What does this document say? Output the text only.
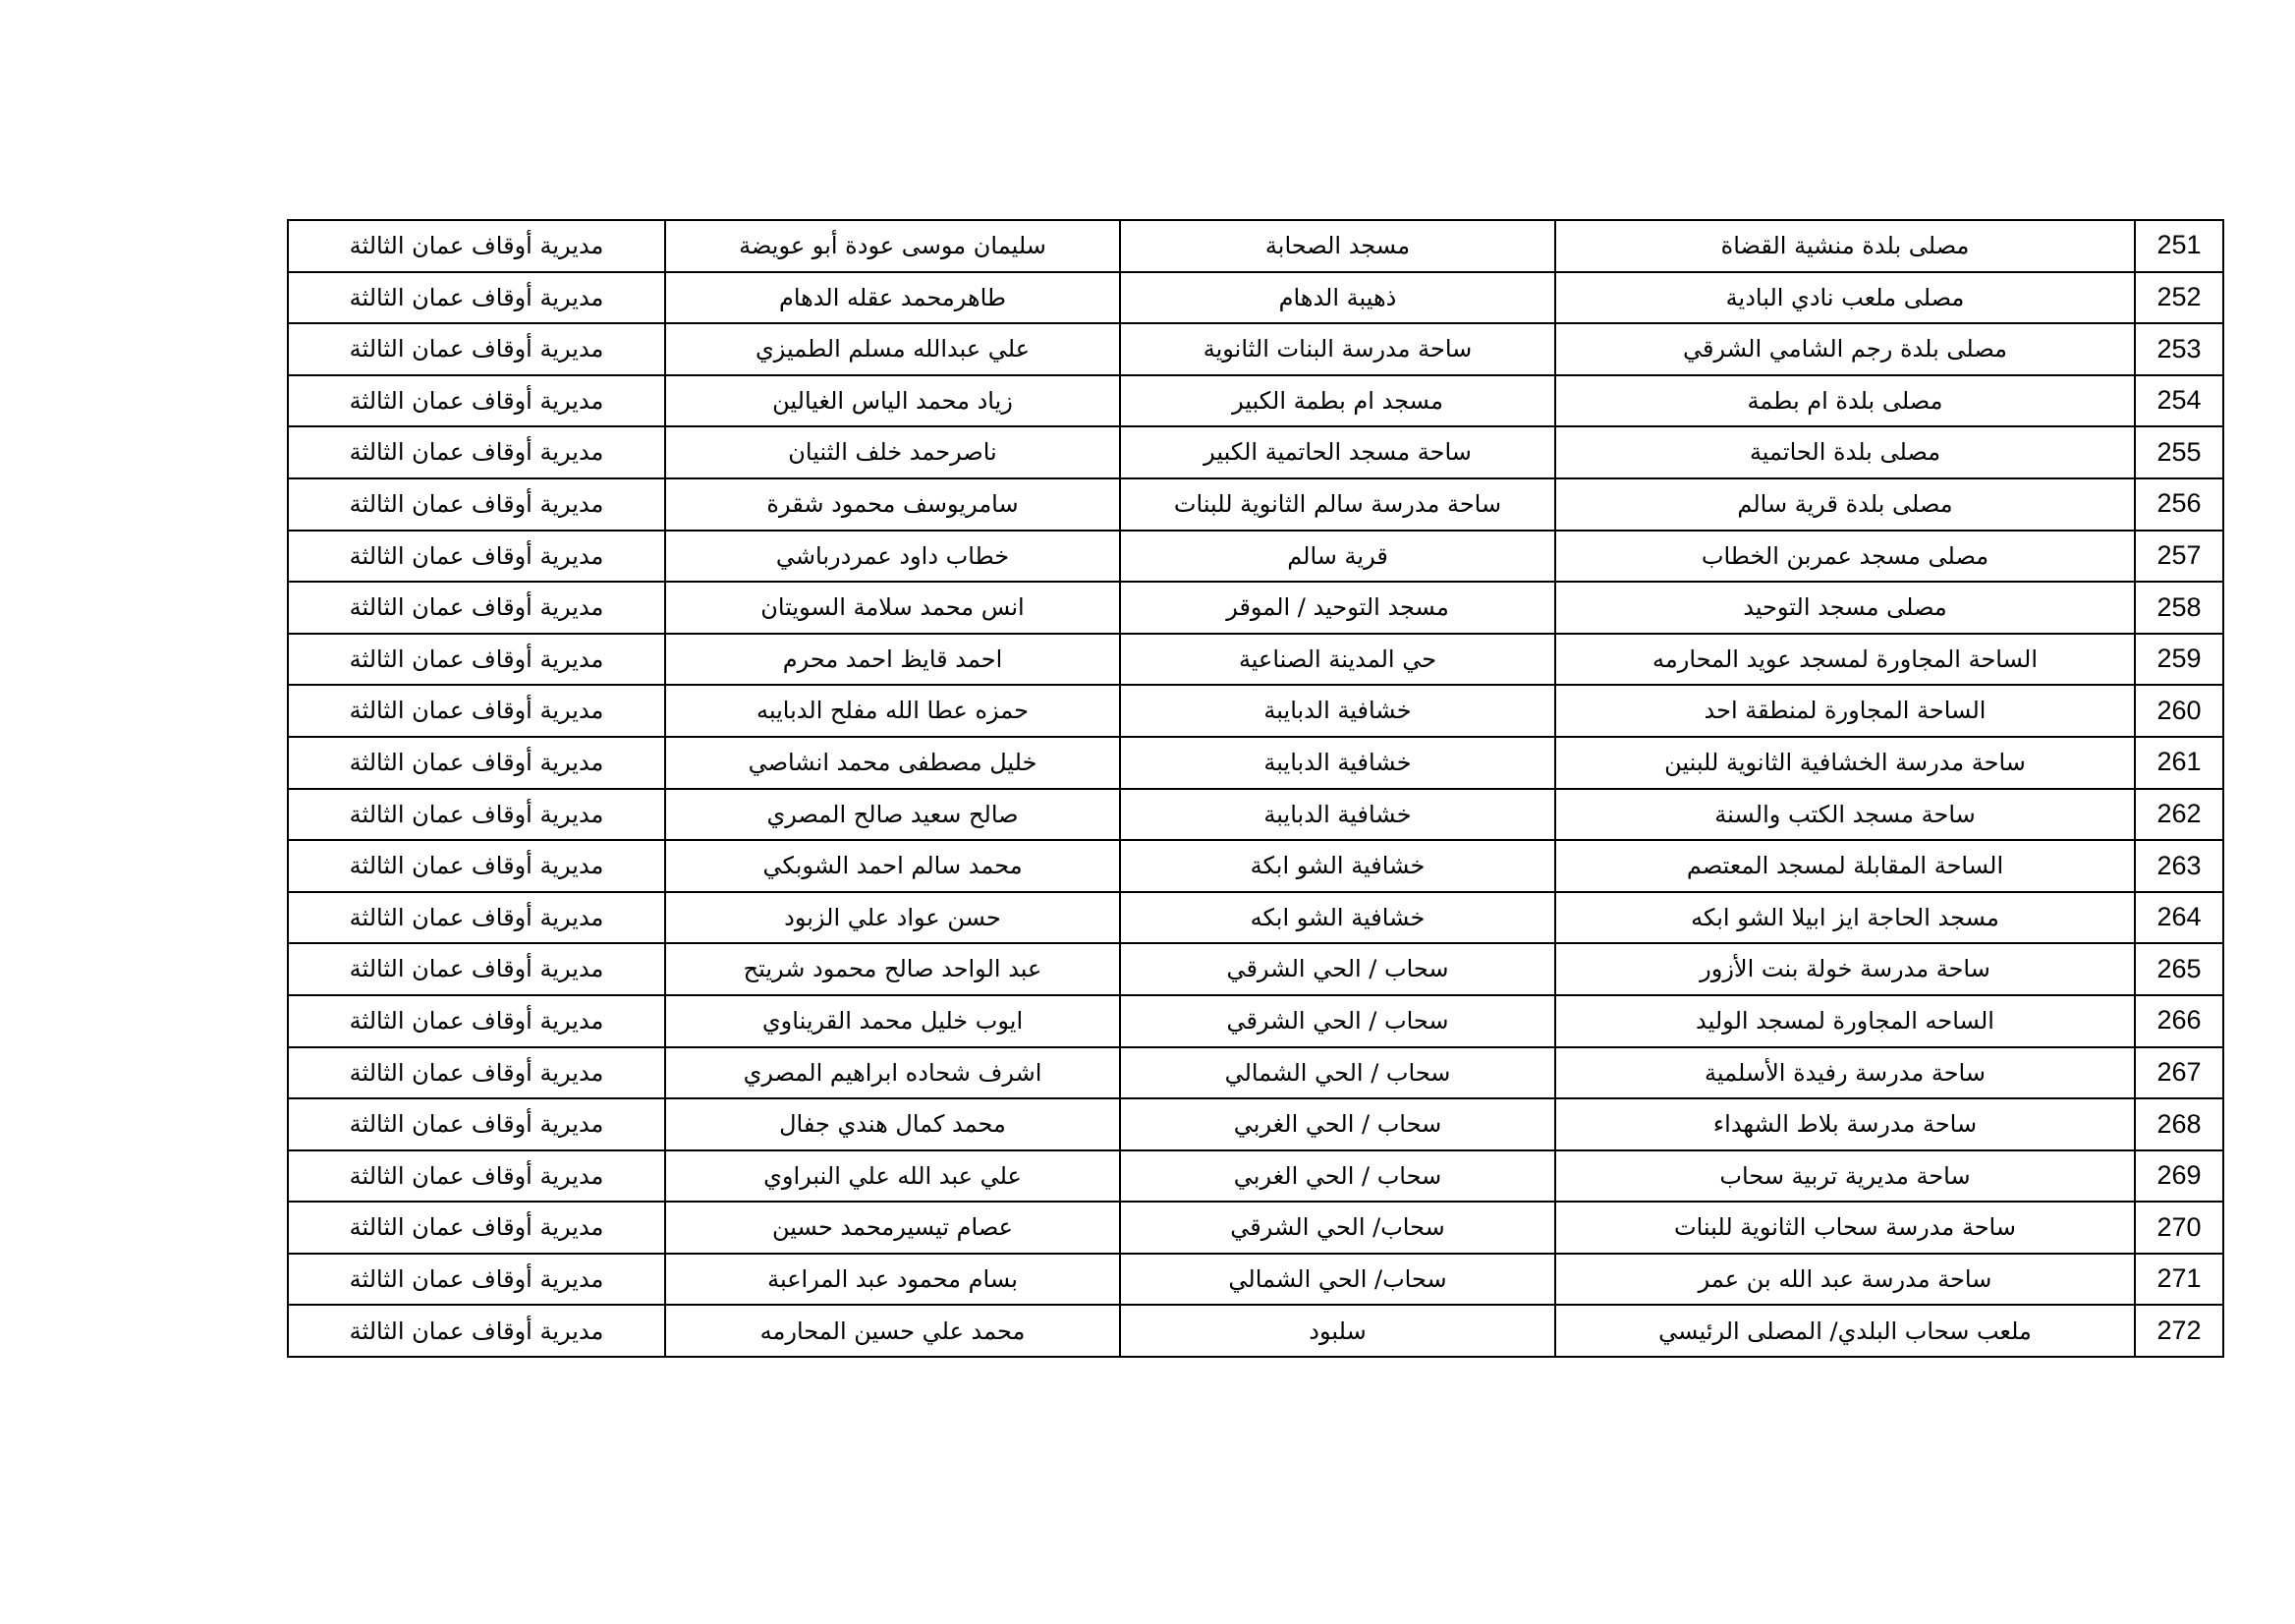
251	مصلى بلدة منشية القضاة	مسجد الصحابة	سليمان موسى عودة أبو عويضة	مديرية أوقاف عمان الثالثة
252	مصلى ملعب نادي البادية	ذهيبة الدهام	طاهرمحمد عقله الدهام	مديرية أوقاف عمان الثالثة
253	مصلى بلدة رجم الشامي الشرقي	ساحة مدرسة البنات الثانوية	علي عبدالله مسلم الطميزي	مديرية أوقاف عمان الثالثة
254	مصلى بلدة ام بطمة	مسجد ام بطمة الكبير	زياد محمد الياس الغيالين	مديرية أوقاف عمان الثالثة
255	مصلى بلدة الحاتمية	ساحة مسجد الحاتمية الكبير	ناصرحمد خلف الثنيان	مديرية أوقاف عمان الثالثة
256	مصلى بلدة قرية سالم	ساحة مدرسة سالم الثانوية للبنات	سامريوسف محمود شقرة	مديرية أوقاف عمان الثالثة
257	مصلى مسجد عمربن الخطاب	قرية سالم	خطاب داود عمردرباشي	مديرية أوقاف عمان الثالثة
258	مصلى مسجد التوحيد	مسجد التوحيد / الموقر	انس محمد سلامة السويتان	مديرية أوقاف عمان الثالثة
259	الساحة المجاورة لمسجد عويد المحارمه	حي المدينة الصناعية	احمد قايظ احمد محرم	مديرية أوقاف عمان الثالثة
260	الساحة المجاورة لمنطقة احد	خشافية الدبايبة	حمزه عطا الله مفلح الدبايبه	مديرية أوقاف عمان الثالثة
261	ساحة مدرسة الخشافية الثانوية للبنين	خشافية الدبايبة	خليل مصطفى محمد انشاصي	مديرية أوقاف عمان الثالثة
262	ساحة مسجد الكتب والسنة	خشافية الدبايبة	صالح سعيد صالح المصري	مديرية أوقاف عمان الثالثة
263	الساحة المقابلة لمسجد المعتصم	خشافية الشو ابكة	محمد سالم احمد الشوبكي	مديرية أوقاف عمان الثالثة
264	مسجد الحاجة ايز ابيلا الشو ابكه	خشافية الشو ابكه	حسن عواد علي الزبود	مديرية أوقاف عمان الثالثة
265	ساحة مدرسة خولة بنت الأزور	سحاب / الحي الشرقي	عبد الواحد صالح محمود شريتح	مديرية أوقاف عمان الثالثة
266	الساحه المجاورة لمسجد الوليد	سحاب / الحي الشرقي	ايوب خليل محمد القريناوي	مديرية أوقاف عمان الثالثة
267	ساحة مدرسة رفيدة الأسلمية	سحاب / الحي الشمالي	اشرف شحاده ابراهيم المصري	مديرية أوقاف عمان الثالثة
268	ساحة مدرسة بلاط الشهداء	سحاب / الحي الغربي	محمد كمال هندي جفال	مديرية أوقاف عمان الثالثة
269	ساحة مديرية تربية سحاب	سحاب / الحي الغربي	علي عبد الله علي النبراوي	مديرية أوقاف عمان الثالثة
270	ساحة مدرسة سحاب الثانوية للبنات	سحاب/ الحي الشرقي	عصام تيسيرمحمد حسين	مديرية أوقاف عمان الثالثة
271	ساحة مدرسة عبد الله بن عمر	سحاب/ الحي الشمالي	بسام محمود عبد المراعبة	مديرية أوقاف عمان الثالثة
272	ملعب سحاب البلدي/ المصلى الرئيسي	سلبود	محمد علي حسين المحارمه	مديرية أوقاف عمان الثالثة
